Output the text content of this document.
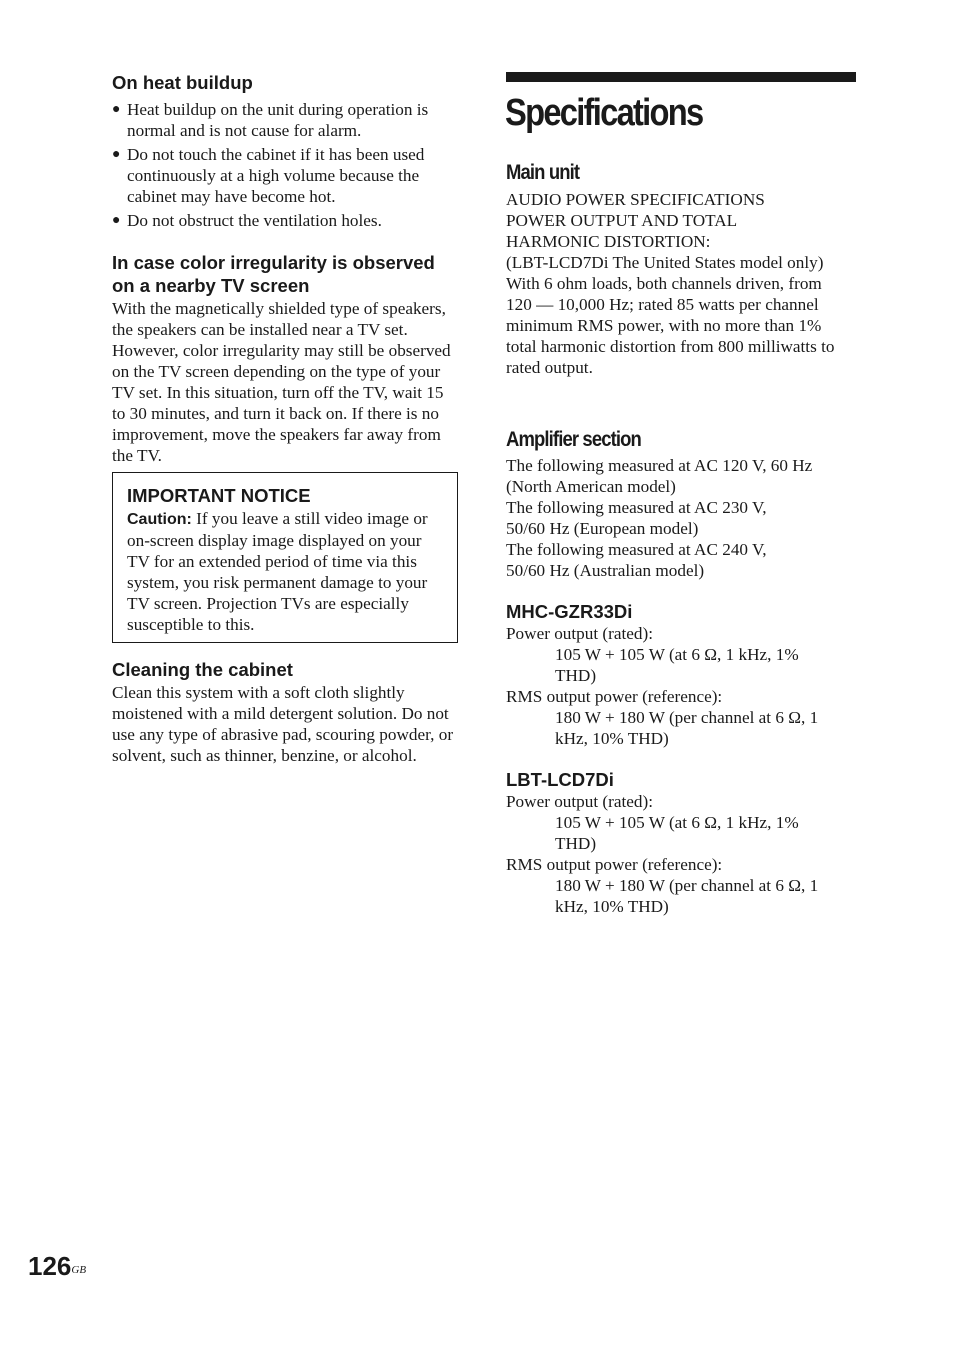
On heat buildup
● Heat buildup on the unit during operation is normal and is not cause for alarm.
● Do not touch the cabinet if it has been used continuously at a high volume because the cabinet may have become hot.
● Do not obstruct the ventilation holes.
In case color irregularity is observed on a nearby TV screen

With the magnetically shielded type of speakers, the speakers can be installed near a TV set. However, color irregularity may still be observed on the TV screen depending on the type of your TV set. In this situation, turn off the TV, wait 15 to 30 minutes, and turn it back on. If there is no improvement, move the speakers far away from the TV.

IMPORTANT NOTICE

Caution: If you leave a still video image or on-screen display image displayed on your TV for an extended period of time via this system, you risk permanent damage to your TV screen. Projection TVs are especially susceptible to this.

Cleaning the cabinet

Clean this system with a soft cloth slightly moistened with a mild detergent solution. Do not use any type of abrasive pad, scouring powder, or solvent, such as thinner, benzine, or alcohol.

Specifications
Main unit

AUDIO POWER SPECIFICATIONS

POWER OUTPUT AND TOTAL HARMONIC DISTORTION:

(LBT-LCD7Di The United States model only)

With 6 ohm loads, both channels driven, from 120 — 10,000 Hz; rated 85 watts per channel minimum RMS power, with no more than 1% total harmonic distortion from 800 milliwatts to rated output.

Amplifier section

The following measured at AC 120 V, 60 Hz (North American model)

The following measured at AC 230 V, 50/60 Hz (European model)

The following measured at AC 240 V, 50/60 Hz (Australian model)

MHC-GZR33Di

Power output (rated):

105 W + 105 W (at 6 Ω, 1 kHz, 1% THD)

RMS output power (reference):

180 W + 180 W (per channel at 6 Ω, 1 kHz, 10% THD)

LBT-LCD7Di

Power output (rated):

105 W + 105 W (at 6 Ω, 1 kHz, 1% THD)

RMS output power (reference):

180 W + 180 W (per channel at 6 Ω, 1 kHz, 10% THD)

$126^{GB}$
